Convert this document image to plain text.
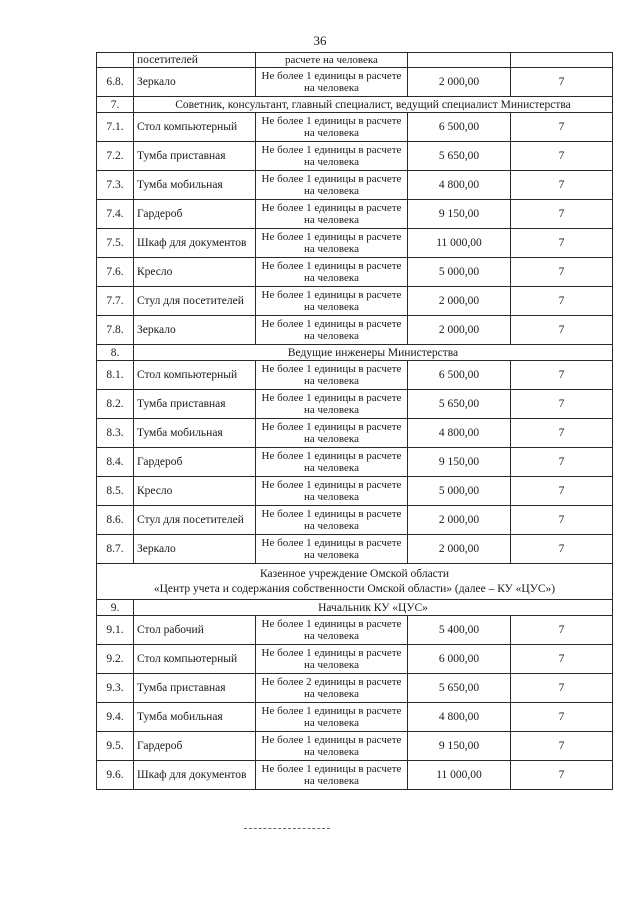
36
	посетителей	расчете на человека		
6.8.	Зеркало	Не более 1 единицы в расчете на человека	2 000,00	7
7.	Советник, консультант, главный специалист, ведущий специалист Министерства			
7.1.	Стол компьютерный	Не более 1 единицы в расчете на человека	6 500,00	7
7.2.	Тумба приставная	Не более 1 единицы в расчете на человека	5 650,00	7
7.3.	Тумба мобильная	Не более 1 единицы в расчете на человека	4 800,00	7
7.4.	Гардероб	Не более 1 единицы в расчете на человека	9 150,00	7
7.5.	Шкаф для документов	Не более 1 единицы в расчете на человека	11 000,00	7
7.6.	Кресло	Не более 1 единицы в расчете на человека	5 000,00	7
7.7.	Стул для посетителей	Не более 1 единицы в расчете на человека	2 000,00	7
7.8.	Зеркало	Не более 1 единицы в расчете на человека	2 000,00	7
8.	Ведущие инженеры Министерства			
8.1.	Стол компьютерный	Не более 1 единицы в расчете на человека	6 500,00	7
8.2.	Тумба приставная	Не более 1 единицы в расчете на человека	5 650,00	7
8.3.	Тумба мобильная	Не более 1 единицы в расчете на человека	4 800,00	7
8.4.	Гардероб	Не более 1 единицы в расчете на человека	9 150,00	7
8.5.	Кресло	Не более 1 единицы в расчете на человека	5 000,00	7
8.6.	Стул для посетителей	Не более 1 единицы в расчете на человека	2 000,00	7
8.7.	Зеркало	Не более 1 единицы в расчете на человека	2 000,00	7

Казенное учреждение Омской области
«Центр учета и содержания собственности Омской области» (далее – КУ «ЦУС»)				

9.	Начальник КУ «ЦУС»			
9.1.	Стол рабочий	Не более 1 единицы в расчете на человека	5 400,00	7
9.2.	Стол компьютерный	Не более 1 единицы в расчете на человека	6 000,00	7
9.3.	Тумба приставная	Не более 2 единицы в расчете на человека	5 650,00	7
9.4.	Тумба мобильная	Не более 1 единицы в расчете на человека	4 800,00	7
9.5.	Гардероб	Не более 1 единицы в расчете на человека	9 150,00	7
9.6.	Шкаф для документов	Не более 1 единицы в расчете на человека	11 000,00	7
